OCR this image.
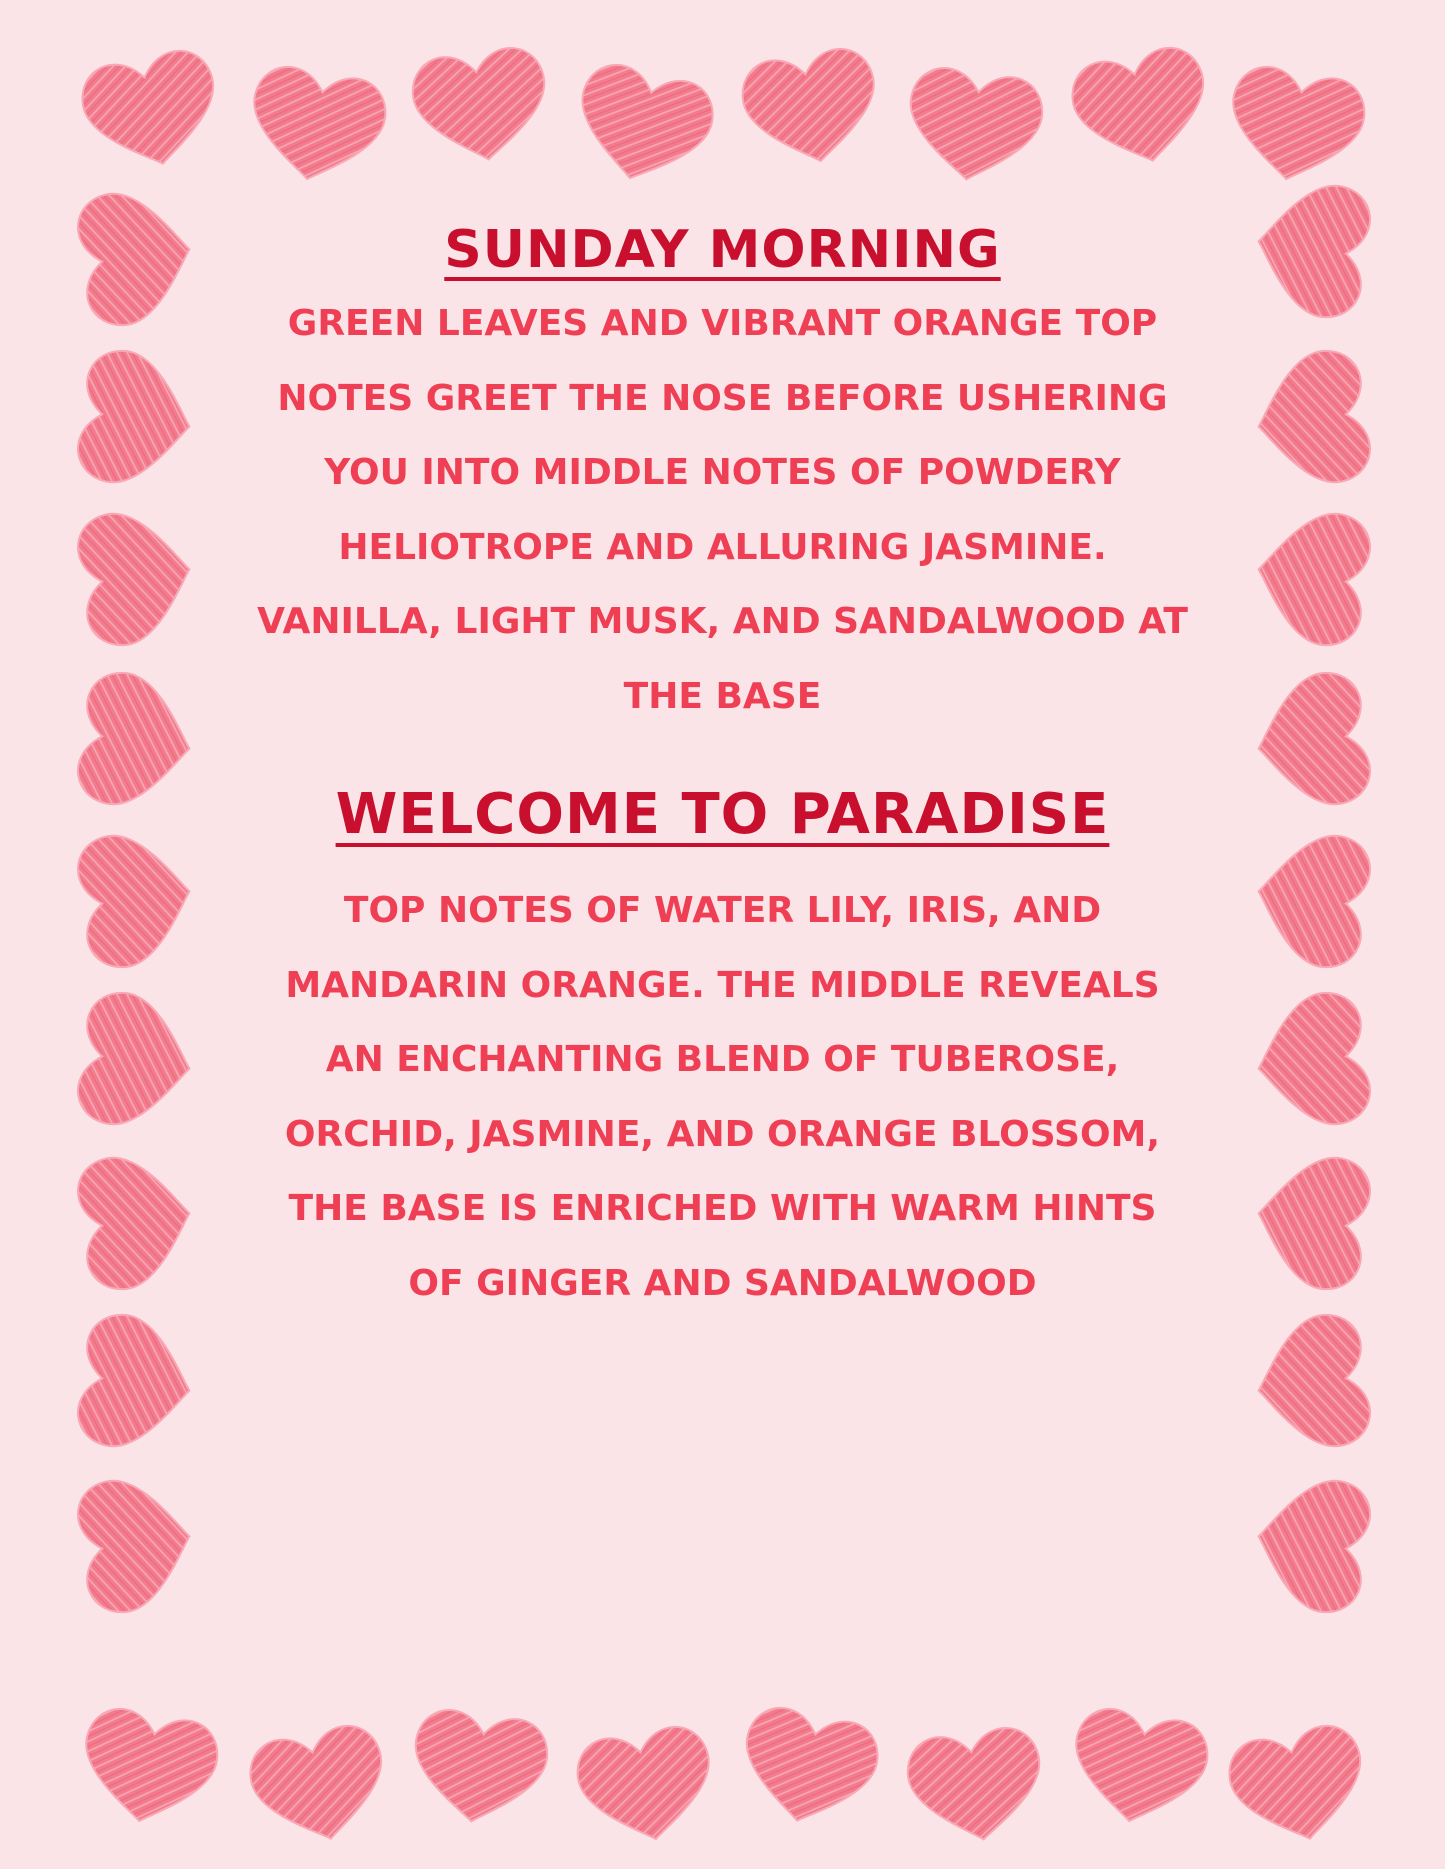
SUNDAY MORNING

GREEN LEAVES AND VIBRANT ORANGE TOP
NOTES GREET THE NOSE BEFORE USHERING
YOU INTO MIDDLE NOTES OF POWDERY
HELIOTROPE AND ALLURING JASMINE.
VANILLA, LIGHT MUSK, AND SANDALWOOD AT
THE BASE

WELCOME TO PARADISE

TOP NOTES OF WATER LILY, IRIS, AND
MANDARIN ORANGE. THE MIDDLE REVEALS
AN ENCHANTING BLEND OF TUBEROSE,
ORCHID, JASMINE, AND ORANGE BLOSSOM,
THE BASE IS ENRICHED WITH WARM HINTS
OF GINGER AND SANDALWOOD
